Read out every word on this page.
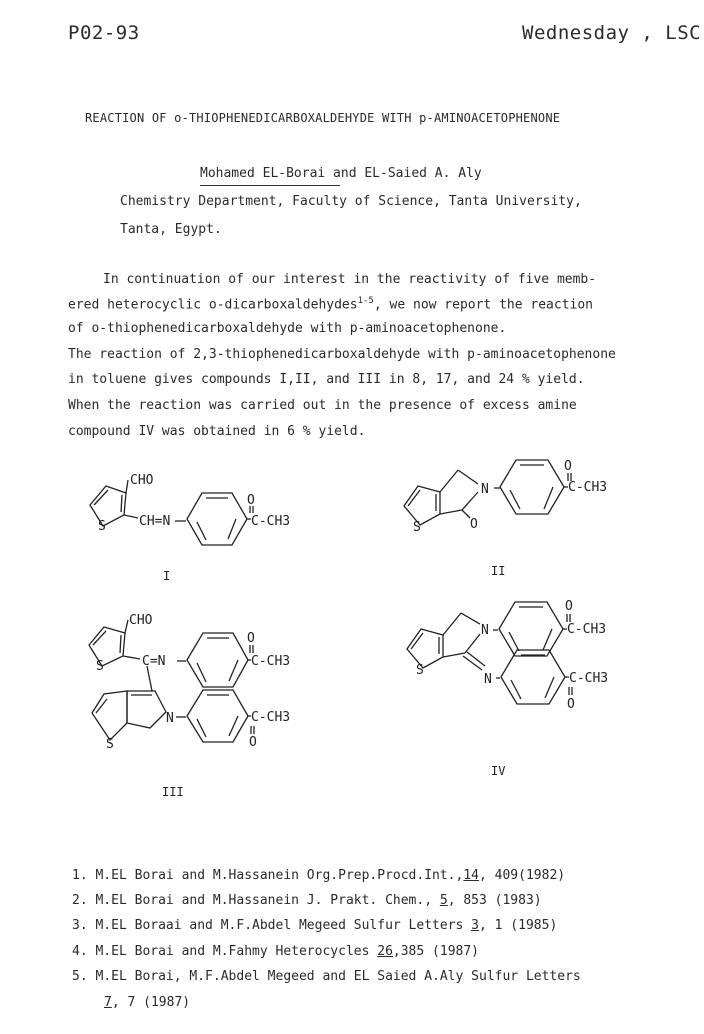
P02-93	Wednesday , LSC
REACTION OF o-THIOPHENEDICARBOXALDEHYDE WITH p-AMINOACETOPHENONE
Mohamed EL-Borai and EL-Saied A. Aly
Chemistry Department, Faculty of Science, Tanta University,
Tanta, Egypt.
In continuation of our interest in the reactivity of five memb-
ered heterocyclic o-dicarboxaldehydes$^{1-5}$, we now report the reaction
of o-thiophenedicarboxaldehyde with p-aminoacetophenone.
The reaction of 2,3-thiophenedicarboxaldehyde with p-aminoacetophenone
in toluene gives compounds I,II, and III in 8, 17, and 24 % yield.
When the reaction was carried out in the presence of excess amine
compound IV was obtained in 6 % yield.
CHO
S	CH=N
O
C-CH3
I
S
N
O
O
C-CH3
II
CHO
S	C=N
O
C-CH3
S
N	C-CH3
O
III
S
N
O
C-CH3
N	C-CH3
O
IV
1. M.EL Borai and M.Hassanein Org.Prep.Procd.Int.,14, 409(1982)
2. M.EL Borai and M.Hassanein J. Prakt. Chem., 5, 853 (1983)
3. M.EL Boraai and M.F.Abdel Megeed Sulfur Letters 3, 1 (1985)
4. M.EL Borai and M.Fahmy Heterocycles 26,385 (1987)
5. M.EL Borai, M.F.Abdel Megeed and EL Saied A.Aly Sulfur Letters
7, 7 (1987)
